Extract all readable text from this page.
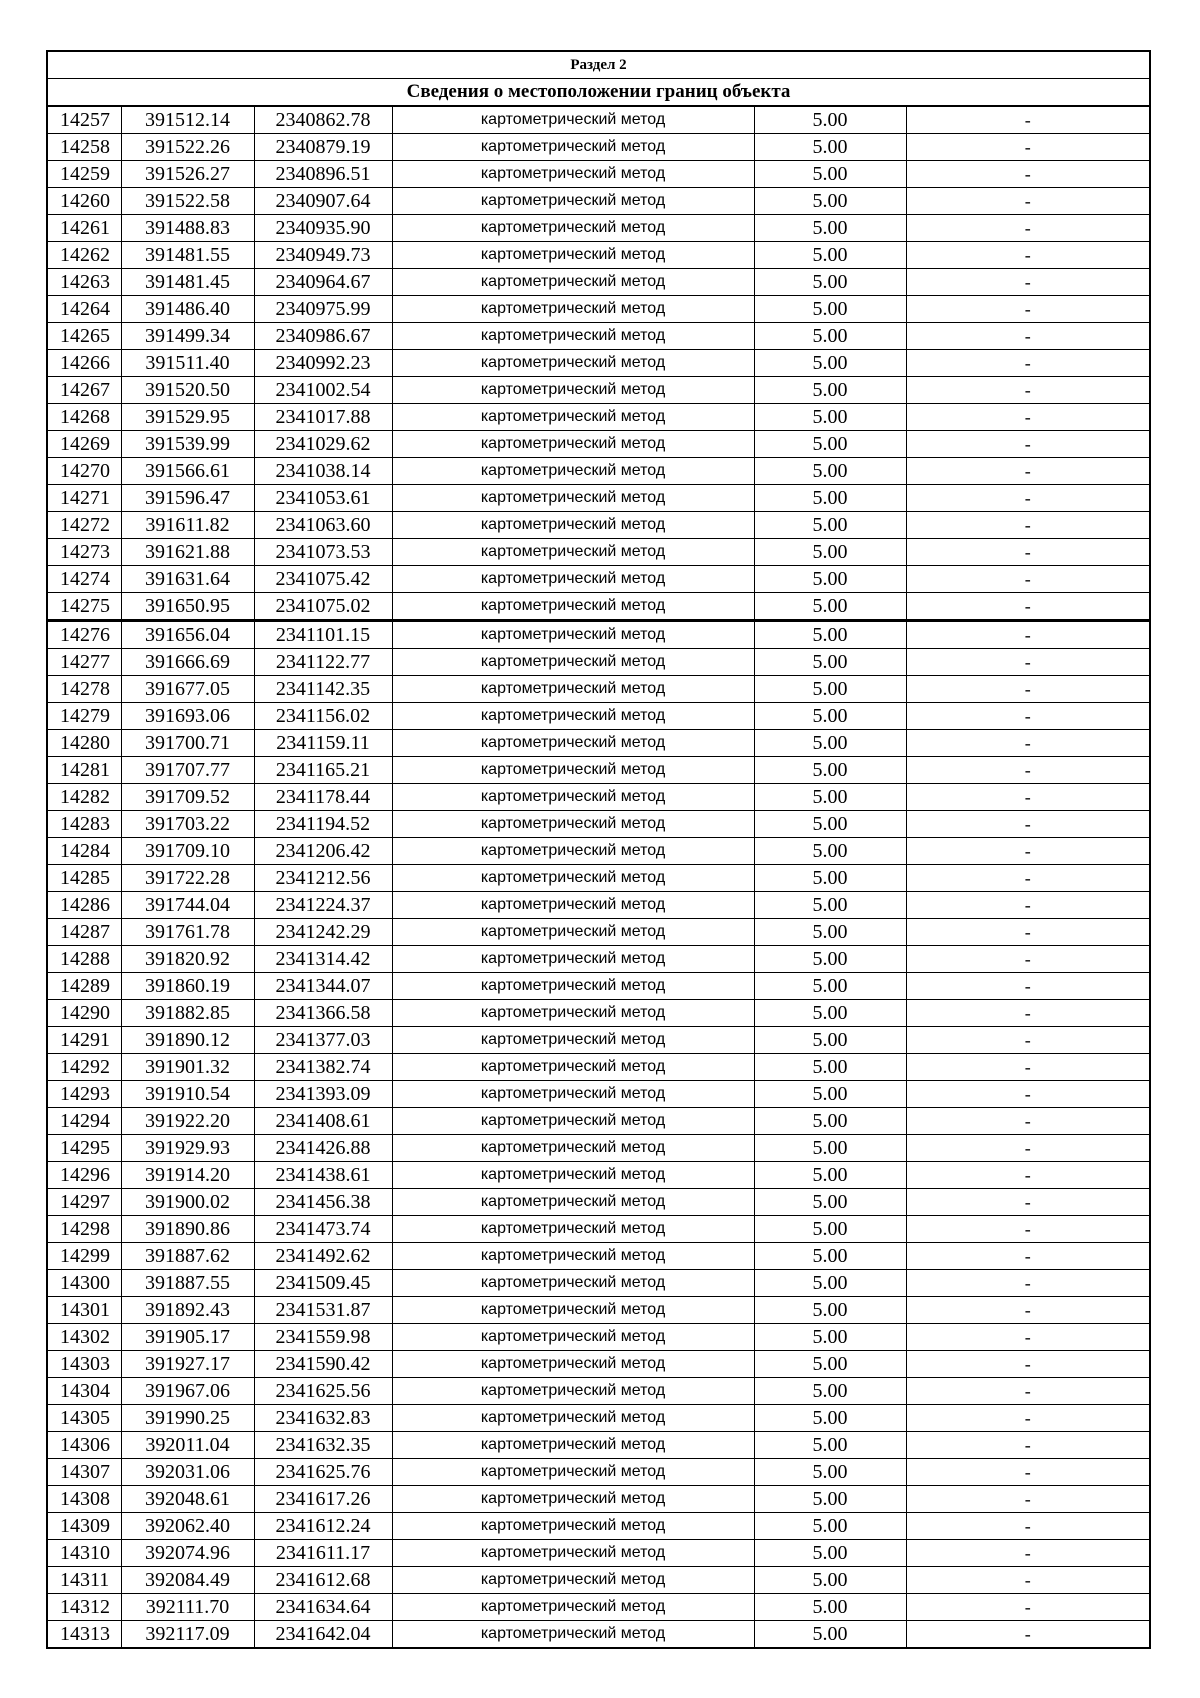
Раздел 2					
Сведения о местоположении границ объекта					
14257	391512.14	2340862.78	картометрический метод	5.00	-
14258	391522.26	2340879.19	картометрический метод	5.00	-
14259	391526.27	2340896.51	картометрический метод	5.00	-
14260	391522.58	2340907.64	картометрический метод	5.00	-
14261	391488.83	2340935.90	картометрический метод	5.00	-
14262	391481.55	2340949.73	картометрический метод	5.00	-
14263	391481.45	2340964.67	картометрический метод	5.00	-
14264	391486.40	2340975.99	картометрический метод	5.00	-
14265	391499.34	2340986.67	картометрический метод	5.00	-
14266	391511.40	2340992.23	картометрический метод	5.00	-
14267	391520.50	2341002.54	картометрический метод	5.00	-
14268	391529.95	2341017.88	картометрический метод	5.00	-
14269	391539.99	2341029.62	картометрический метод	5.00	-
14270	391566.61	2341038.14	картометрический метод	5.00	-
14271	391596.47	2341053.61	картометрический метод	5.00	-
14272	391611.82	2341063.60	картометрический метод	5.00	-
14273	391621.88	2341073.53	картометрический метод	5.00	-
14274	391631.64	2341075.42	картометрический метод	5.00	-
14275	391650.95	2341075.02	картометрический метод	5.00	-
14276	391656.04	2341101.15	картометрический метод	5.00	-
14277	391666.69	2341122.77	картометрический метод	5.00	-
14278	391677.05	2341142.35	картометрический метод	5.00	-
14279	391693.06	2341156.02	картометрический метод	5.00	-
14280	391700.71	2341159.11	картометрический метод	5.00	-
14281	391707.77	2341165.21	картометрический метод	5.00	-
14282	391709.52	2341178.44	картометрический метод	5.00	-
14283	391703.22	2341194.52	картометрический метод	5.00	-
14284	391709.10	2341206.42	картометрический метод	5.00	-
14285	391722.28	2341212.56	картометрический метод	5.00	-
14286	391744.04	2341224.37	картометрический метод	5.00	-
14287	391761.78	2341242.29	картометрический метод	5.00	-
14288	391820.92	2341314.42	картометрический метод	5.00	-
14289	391860.19	2341344.07	картометрический метод	5.00	-
14290	391882.85	2341366.58	картометрический метод	5.00	-
14291	391890.12	2341377.03	картометрический метод	5.00	-
14292	391901.32	2341382.74	картометрический метод	5.00	-
14293	391910.54	2341393.09	картометрический метод	5.00	-
14294	391922.20	2341408.61	картометрический метод	5.00	-
14295	391929.93	2341426.88	картометрический метод	5.00	-
14296	391914.20	2341438.61	картометрический метод	5.00	-
14297	391900.02	2341456.38	картометрический метод	5.00	-
14298	391890.86	2341473.74	картометрический метод	5.00	-
14299	391887.62	2341492.62	картометрический метод	5.00	-
14300	391887.55	2341509.45	картометрический метод	5.00	-
14301	391892.43	2341531.87	картометрический метод	5.00	-
14302	391905.17	2341559.98	картометрический метод	5.00	-
14303	391927.17	2341590.42	картометрический метод	5.00	-
14304	391967.06	2341625.56	картометрический метод	5.00	-
14305	391990.25	2341632.83	картометрический метод	5.00	-
14306	392011.04	2341632.35	картометрический метод	5.00	-
14307	392031.06	2341625.76	картометрический метод	5.00	-
14308	392048.61	2341617.26	картометрический метод	5.00	-
14309	392062.40	2341612.24	картометрический метод	5.00	-
14310	392074.96	2341611.17	картометрический метод	5.00	-
14311	392084.49	2341612.68	картометрический метод	5.00	-
14312	392111.70	2341634.64	картометрический метод	5.00	-
14313	392117.09	2341642.04	картометрический метод	5.00	-
